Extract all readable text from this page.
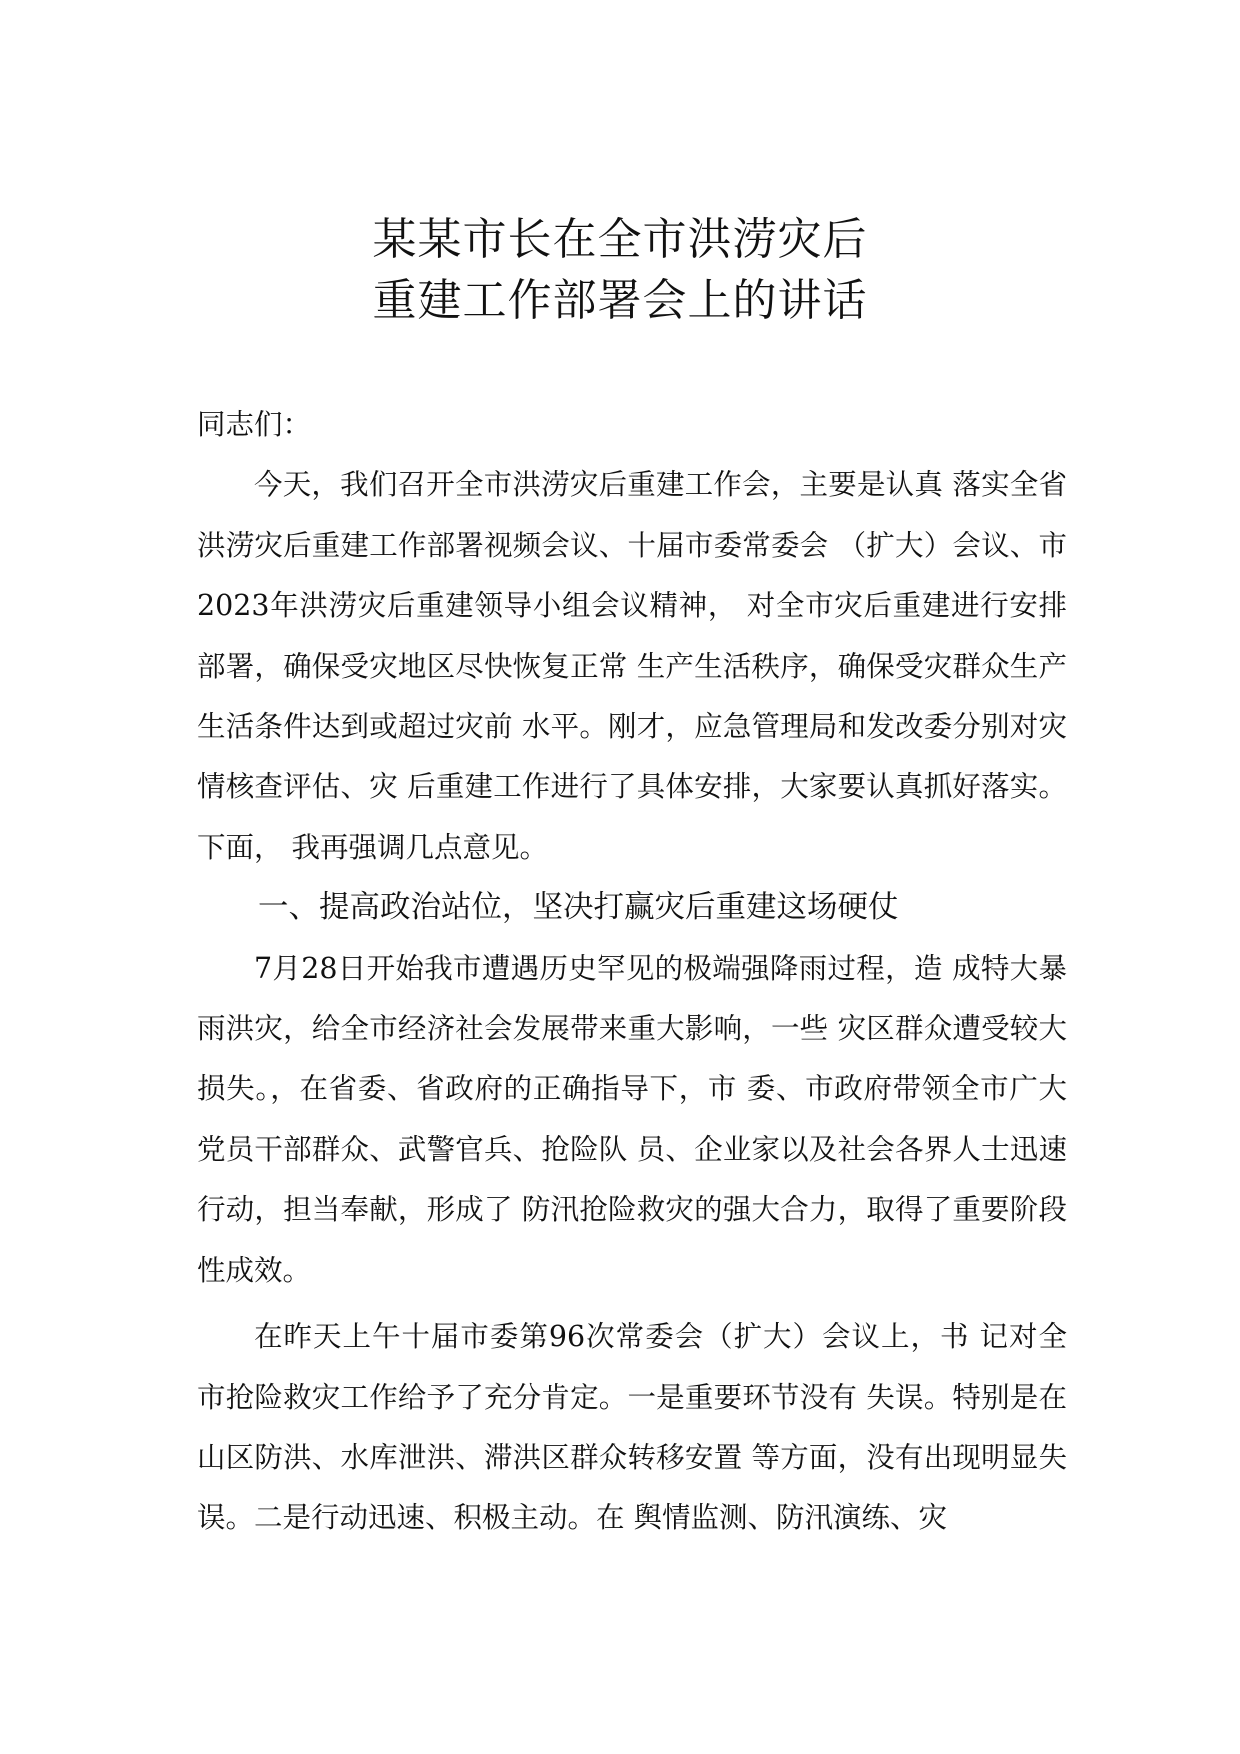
某某市长在全市洪涝灾后
重建工作部署会上的讲话

同志们：

今天，我们召开全市洪涝灾后重建工作会，主要是认真 落实全省洪涝灾后重建工作部署视频会议、十届市委常委会 （扩大）会议、市2023年洪涝灾后重建领导小组会议精神， 对全市灾后重建进行安排部署，确保受灾地区尽快恢复正常 生产生活秩序，确保受灾群众生产生活条件达到或超过灾前 水平。刚才，应急管理局和发改委分别对灾情核查评估、灾 后重建工作进行了具体安排，大家要认真抓好落实。下面， 我再强调几点意见。

一、提高政治站位，坚决打赢灾后重建这场硬仗

7月28日开始我市遭遇历史罕见的极端强降雨过程，造 成特大暴雨洪灾，给全市经济社会发展带来重大影响，一些 灾区群众遭受较大损失。，在省委、省政府的正确指导下，市 委、市政府带领全市广大党员干部群众、武警官兵、抢险队 员、企业家以及社会各界人士迅速行动，担当奉献，形成了 防汛抢险救灾的强大合力，取得了重要阶段性成效。

在昨天上午十届市委第96次常委会（扩大）会议上，书 记对全市抢险救灾工作给予了充分肯定。一是重要环节没有 失误。特别是在山区防洪、水库泄洪、滞洪区群众转移安置 等方面，没有出现明显失误。二是行动迅速、积极主动。在 舆情监测、防汛演练、灾
